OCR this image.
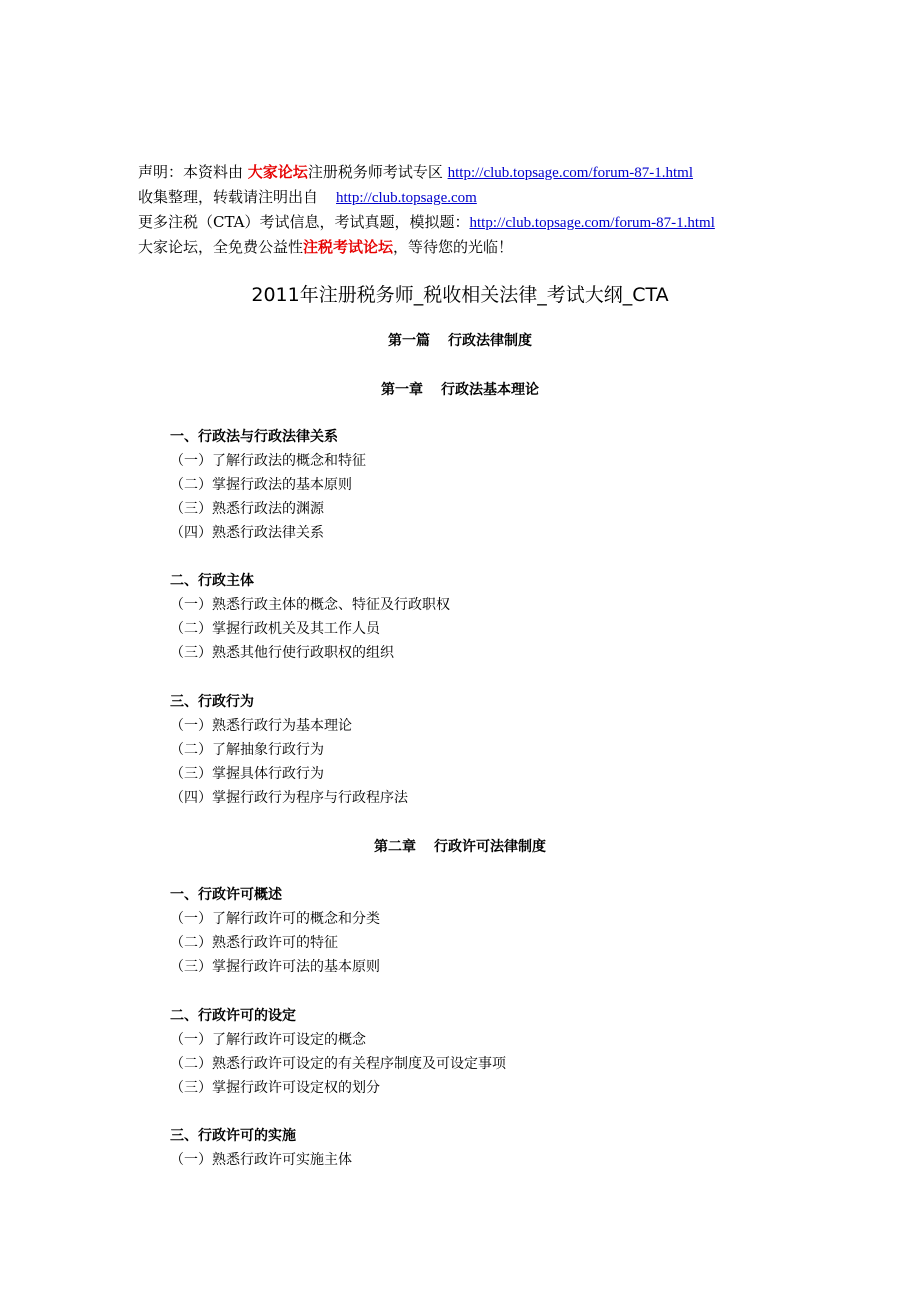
声明：本资料由 大家论坛注册税务师考试专区 http://club.topsage.com/forum-87-1.html
收集整理，转载请注明出自 http://club.topsage.com
更多注税（CTA）考试信息，考试真题，模拟题：http://club.topsage.com/forum-87-1.html
大家论坛，全免费公益性注税考试论坛，等待您的光临！
2011年注册税务师_税收相关法律_考试大纲_CTA
第一篇 行政法律制度
第一章 行政法基本理论
一、行政法与行政法律关系
（一）了解行政法的概念和特征
（二）掌握行政法的基本原则
（三）熟悉行政法的渊源
（四）熟悉行政法律关系
二、行政主体
（一）熟悉行政主体的概念、特征及行政职权
（二）掌握行政机关及其工作人员
（三）熟悉其他行使行政职权的组织
三、行政行为
（一）熟悉行政行为基本理论
（二）了解抽象行政行为
（三）掌握具体行政行为
（四）掌握行政行为程序与行政程序法
第二章 行政许可法律制度
一、行政许可概述
（一）了解行政许可的概念和分类
（二）熟悉行政许可的特征
（三）掌握行政许可法的基本原则
二、行政许可的设定
（一）了解行政许可设定的概念
（二）熟悉行政许可设定的有关程序制度及可设定事项
（三）掌握行政许可设定权的划分
三、行政许可的实施
（一）熟悉行政许可实施主体
